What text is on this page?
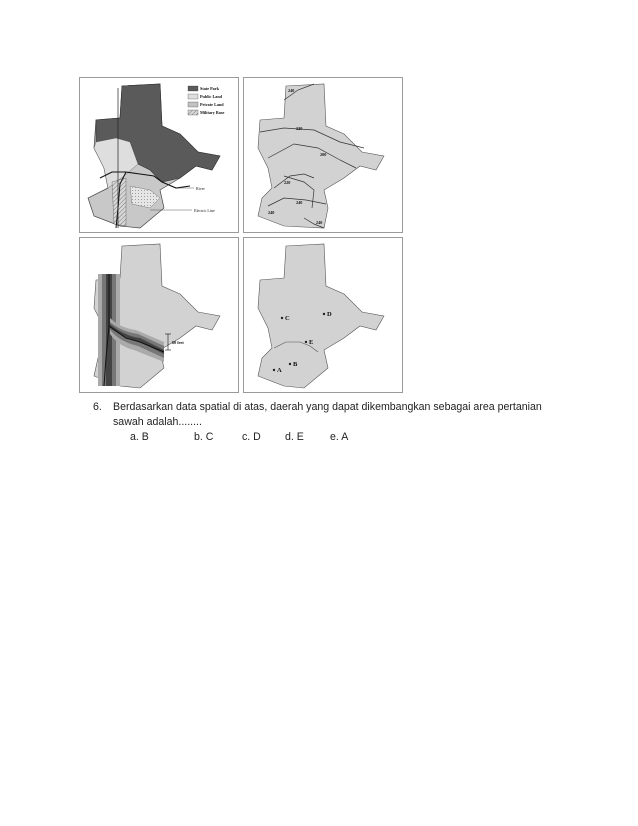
River
Electric Line
State Park
Public Land
Private Land
Military Base
240
220
200
220
240
240
240
60 feet
C
D
E
B
A
6. Berdasarkan data spatial di atas, daerah yang dapat dikembangkan sebagai area pertanian sawah adalah........
a. B	b. C	c. D d. E e. A
